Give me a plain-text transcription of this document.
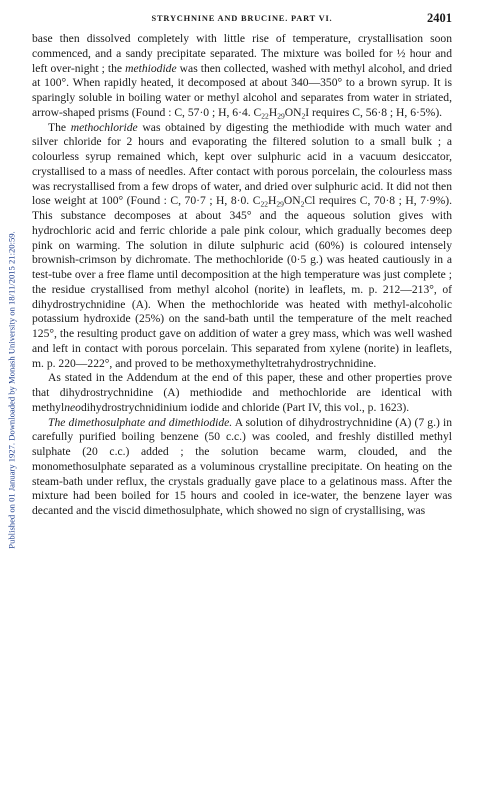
Published on 01 January 1927. Downloaded by Monash University on 18/11/2015 21:20:59.
STRYCHNINE AND BRUCINE. PART VI.	2401

base then dissolved completely with little rise of temperature, crystallisation soon commenced, and a sandy precipitate separated. The mixture was boiled for ½ hour and left over-night ; the methiodide was then collected, washed with methyl alcohol, and dried at 100°. When rapidly heated, it decomposed at about 340—350° to a brown syrup. It is sparingly soluble in boiling water or methyl alcohol and separates from water in striated, arrow-shaped prisms (Found : C, 57·0 ; H, 6·4. $C_{22}H_{29}ON_2I$ requires C, 56·8 ; H, 6·5%).

The methochloride was obtained by digesting the methiodide with much water and silver chloride for 2 hours and evaporating the filtered solution to a small bulk ; a colourless syrup remained which, kept over sulphuric acid in a vacuum desiccator, crystallised to a mass of needles. After contact with porous porcelain, the colourless mass was recrystallised from a few drops of water, and dried over sulphuric acid. It did not then lose weight at 100° (Found : C, 70·7 ; H, 8·0. $C_{22}H_{29}ON_2Cl$ requires C, 70·8 ; H, 7·9%). This substance decomposes at about 345° and the aqueous solution gives with hydrochloric acid and ferric chloride a pale pink colour, which gradually becomes deep pink on warming. The solution in dilute sulphuric acid (60%) is coloured intensely brownish-crimson by dichromate. The methochloride (0·5 g.) was heated cautiously in a test-tube over a free flame until decomposition at the high temperature was just complete ; the residue crystallised from methyl alcohol (norite) in leaflets, m. p. 212—213°, of dihydrostrychnidine (A). When the methochloride was heated with methyl-alcoholic potassium hydroxide (25%) on the sand-bath until the temperature of the melt reached 125°, the resulting product gave on addition of water a grey mass, which was well washed and left in contact with porous porcelain. This separated from xylene (norite) in leaflets, m. p. 220—222°, and proved to be methoxymethyltetrahydrostrychnidine.

As stated in the Addendum at the end of this paper, these and other properties prove that dihydrostrychnidine (A) methiodide and methochloride are identical with methylneodihydrostrychnidinium iodide and chloride (Part IV, this vol., p. 1623).

The dimethosulphate and dimethiodide. A solution of dihydrostrychnidine (A) (7 g.) in carefully purified boiling benzene (50 c.c.) was cooled, and freshly distilled methyl sulphate (20 c.c.) added ; the solution became warm, clouded, and the monomethosulphate separated as a voluminous crystalline precipitate. On heating on the steam-bath under reflux, the crystals gradually gave place to a gelatinous mass. After the mixture had been boiled for 15 hours and cooled in ice-water, the benzene layer was decanted and the viscid dimethosulphate, which showed no sign of crystallising, was
